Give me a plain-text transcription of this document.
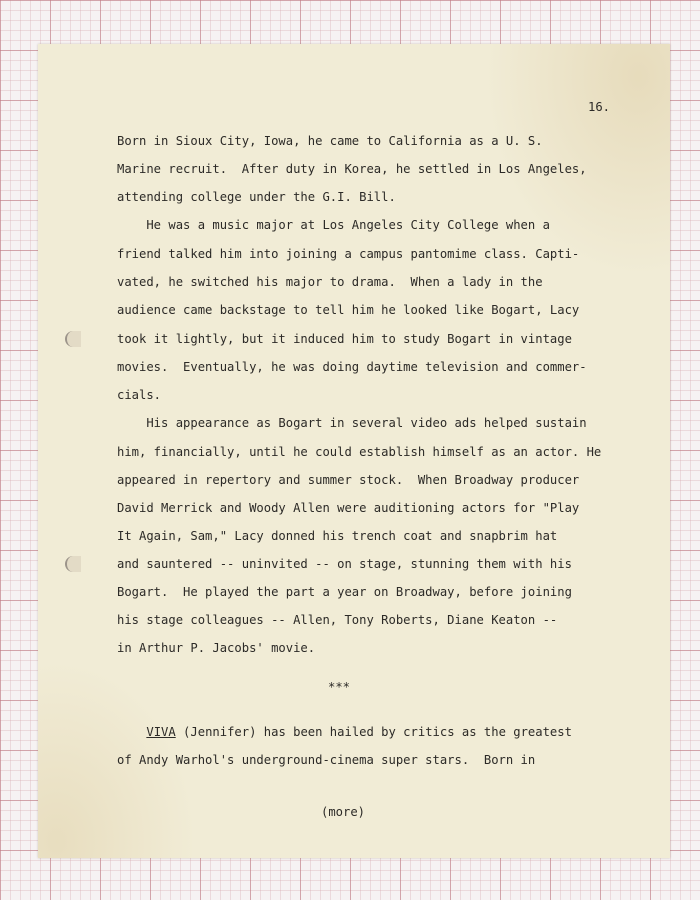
16.
Born in Sioux City, Iowa, he came to California as a U. S.
Marine recruit.  After duty in Korea, he settled in Los Angeles,
attending college under the G.I. Bill.
He was a music major at Los Angeles City College when a
friend talked him into joining a campus pantomime class. Capti-
vated, he switched his major to drama.  When a lady in the
audience came backstage to tell him he looked like Bogart, Lacy
took it lightly, but it induced him to study Bogart in vintage
movies.  Eventually, he was doing daytime television and commer-
cials.
His appearance as Bogart in several video ads helped sustain
him, financially, until he could establish himself as an actor. He
appeared in repertory and summer stock.  When Broadway producer
David Merrick and Woody Allen were auditioning actors for "Play
It Again, Sam," Lacy donned his trench coat and snapbrim hat
and sauntered -- uninvited -- on stage, stunning them with his
Bogart.  He played the part a year on Broadway, before joining
his stage colleagues -- Allen, Tony Roberts, Diane Keaton --
in Arthur P. Jacobs' movie.
***
VIVA (Jennifer) has been hailed by critics as the greatest
of Andy Warhol's underground-cinema super stars.  Born in
(more)
